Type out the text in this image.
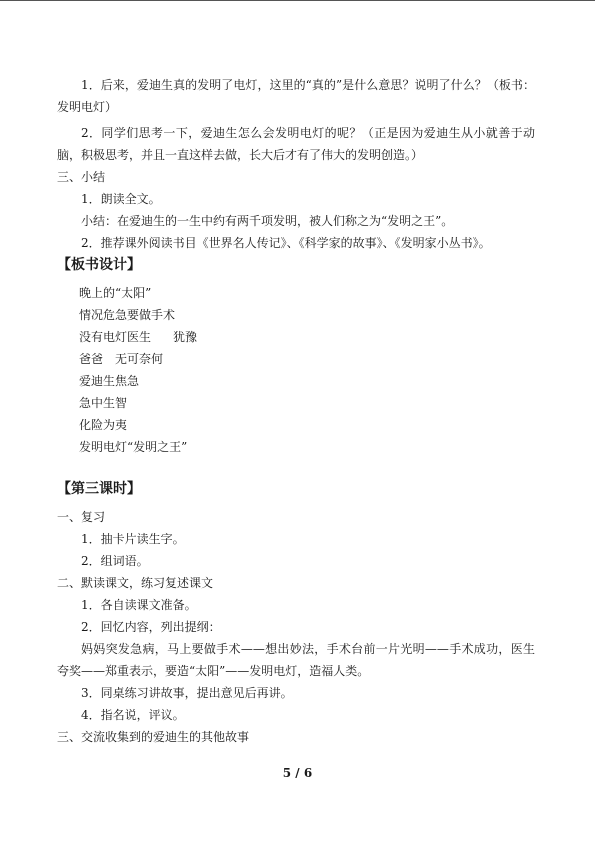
1．后来，爱迪生真的发明了电灯，这里的“真的”是什么意思？说明了什么？（板书：发明电灯）

2．同学们思考一下，爱迪生怎么会发明电灯的呢？（正是因为爱迪生从小就善于动脑，积极思考，并且一直这样去做，长大后才有了伟大的发明创造。）

三、小结

1．朗读全文。

小结：在爱迪生的一生中约有两千项发明，被人们称之为“发明之王”。

2．推荐课外阅读书目《世界名人传记》、《科学家的故事》、《发明家小丛书》。

【板书设计】

晚上的“太阳”

情况危急要做手术

没有电灯医生 犹豫

爸爸 无可奈何

爱迪生焦急

急中生智

化险为夷

发明电灯“发明之王”

【第三课时】

一、复习

1．抽卡片读生字。

2．组词语。

二、默读课文，练习复述课文

1．各自读课文准备。

2．回忆内容，列出提纲：

妈妈突发急病，马上要做手术——想出妙法，手术台前一片光明——手术成功，医生夸奖——郑重表示，要造“太阳”——发明电灯，造福人类。

3．同桌练习讲故事，提出意见后再讲。

4．指名说，评议。

三、交流收集到的爱迪生的其他故事

5 / 6
